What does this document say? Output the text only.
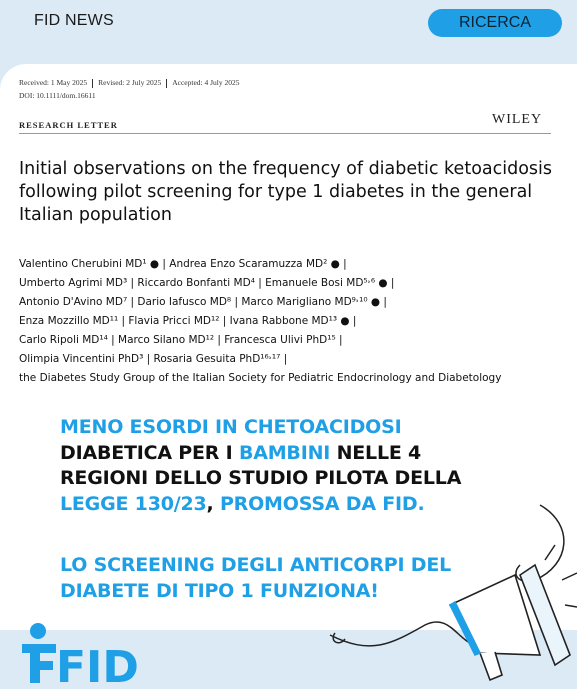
FID NEWS	RICERCA
Received: 1 May 2025 Revised: 2 July 2025 Accepted: 4 July 2025
DOI: 10.1111/dom.16611
RESEARCH LETTER	WILEY
Initial observations on the frequency of diabetic ketoacidosis following pilot screening for type 1 diabetes in the general Italian population
Valentino Cherubini MD¹ ● | Andrea Enzo Scaramuzza MD² ● |
Umberto Agrimi MD³ | Riccardo Bonfanti MD⁴ | Emanuele Bosi MD⁵˒⁶ ● |
Antonio D'Avino MD⁷ | Dario Iafusco MD⁸ | Marco Marigliano MD⁹˒¹⁰ ● |
Enza Mozzillo MD¹¹ | Flavia Pricci MD¹² | Ivana Rabbone MD¹³ ● |
Carlo Ripoli MD¹⁴ | Marco Silano MD¹² | Francesca Ulivi PhD¹⁵ |
Olimpia Vincentini PhD³ | Rosaria Gesuita PhD¹⁶˒¹⁷ |
the Diabetes Study Group of the Italian Society for Pediatric Endocrinology and Diabetology
MENO ESORDI IN CHETOACIDOSI
DIABETICA PER I BAMBINI NELLE 4
REGIONI DELLO STUDIO PILOTA DELLA
LEGGE 130/23, PROMOSSA DA FID.
LO SCREENING DEGLI ANTICORPI DEL DIABETE DI TIPO 1 FUNZIONA!
FID
